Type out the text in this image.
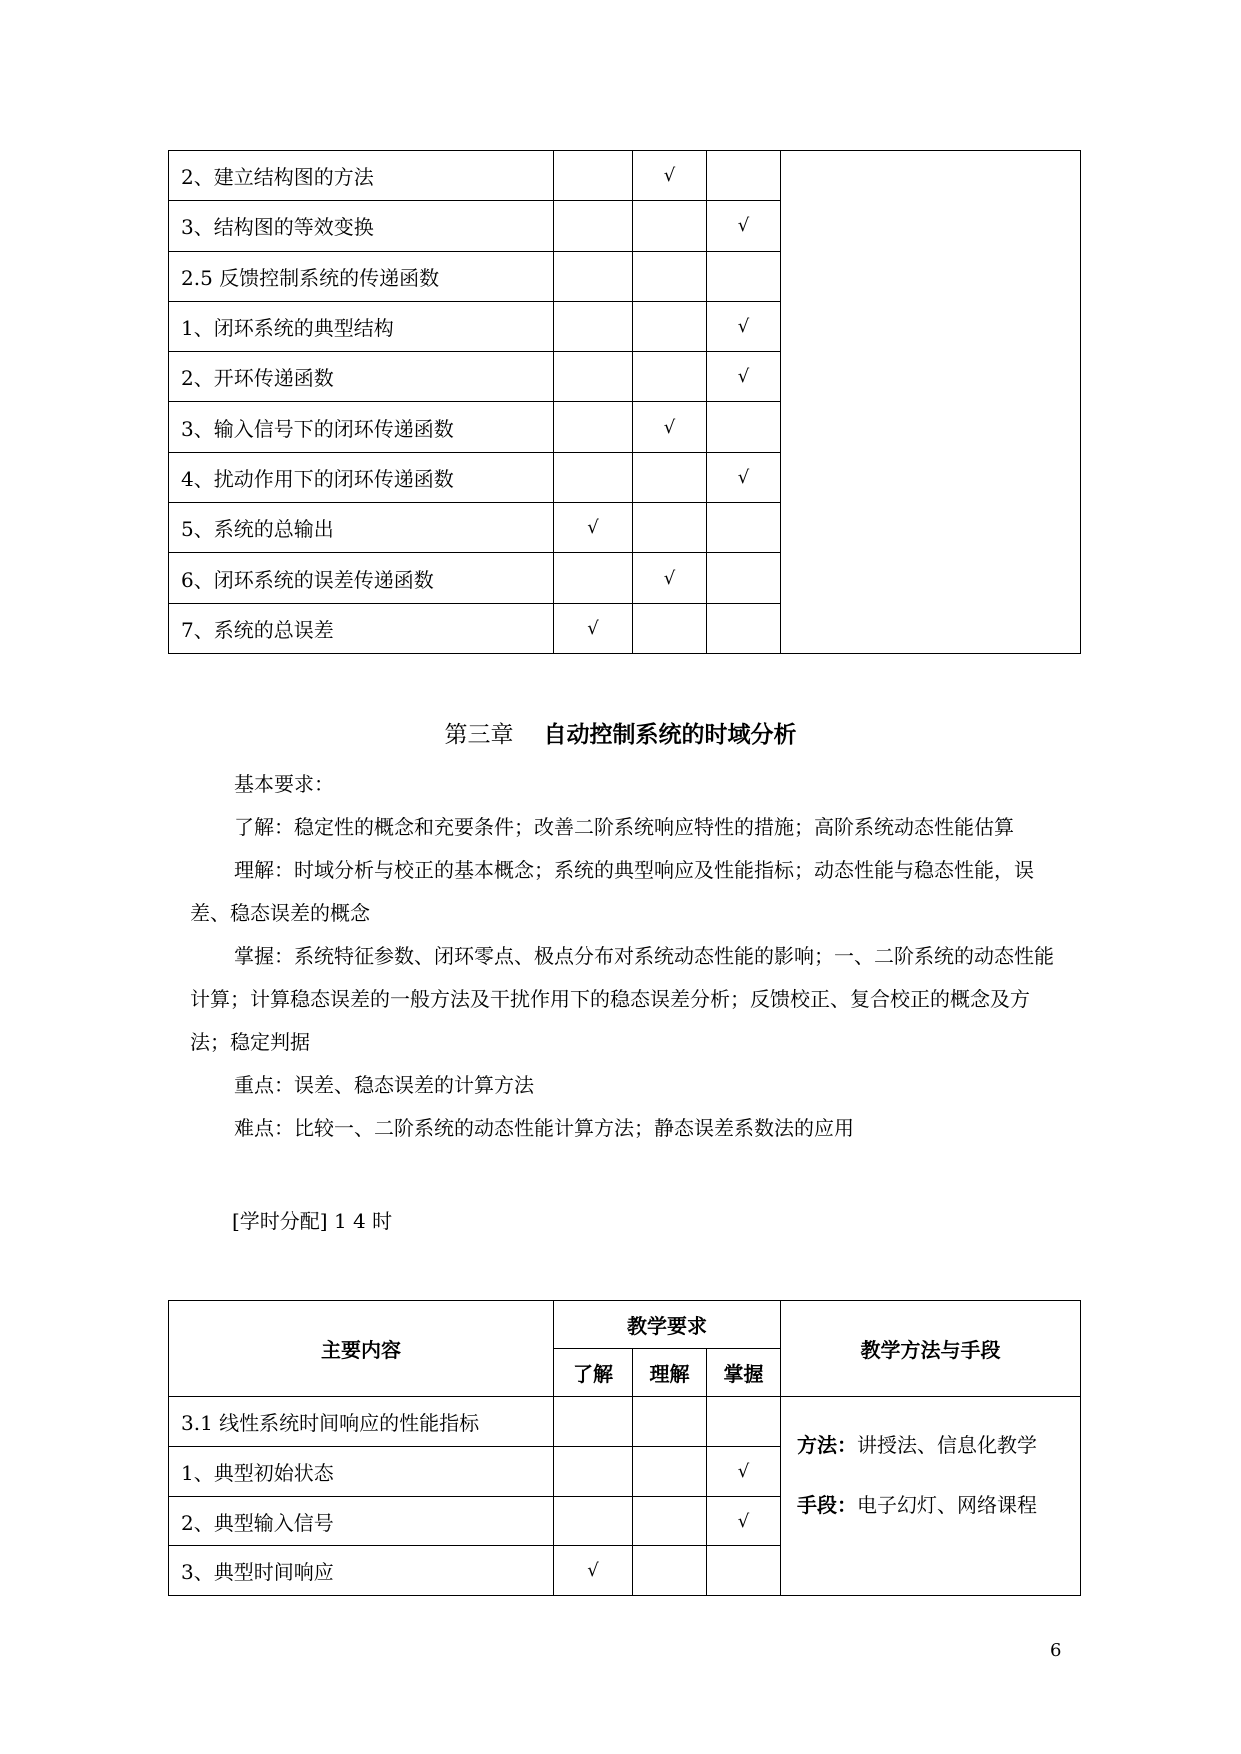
2、建立结构图的方法		√		
3、结构图的等效变换			√	
2.5 反馈控制系统的传递函数				
1、闭环系统的典型结构			√	
2、开环传递函数			√	
3、输入信号下的闭环传递函数		√		
4、扰动作用下的闭环传递函数			√	
5、系统的总输出	√			
6、闭环系统的误差传递函数		√		
7、系统的总误差	√			
第三章 自动控制系统的时域分析

基本要求：

了解：稳定性的概念和充要条件；改善二阶系统响应特性的措施；高阶系统动态性能估算

理解：时域分析与校正的基本概念；系统的典型响应及性能指标；动态性能与稳态性能，误差、稳态误差的概念

掌握：系统特征参数、闭环零点、极点分布对系统动态性能的影响；一、二阶系统的动态性能计算；计算稳态误差的一般方法及干扰作用下的稳态误差分析；反馈校正、复合校正的概念及方法；稳定判据

重点：误差、稳态误差的计算方法

难点：比较一、二阶系统的动态性能计算方法；静态误差系数法的应用

[学时分配] 1 4 时
主要内容	教学要求			教学方法与手段
	了解	理解	掌握	
3.1 线性系统时间响应的性能指标				方法：讲授法、信息化教学
手段：电子幻灯、网络课程

1、典型初始状态			√	
2、典型输入信号			√	
3、典型时间响应	√			
6
